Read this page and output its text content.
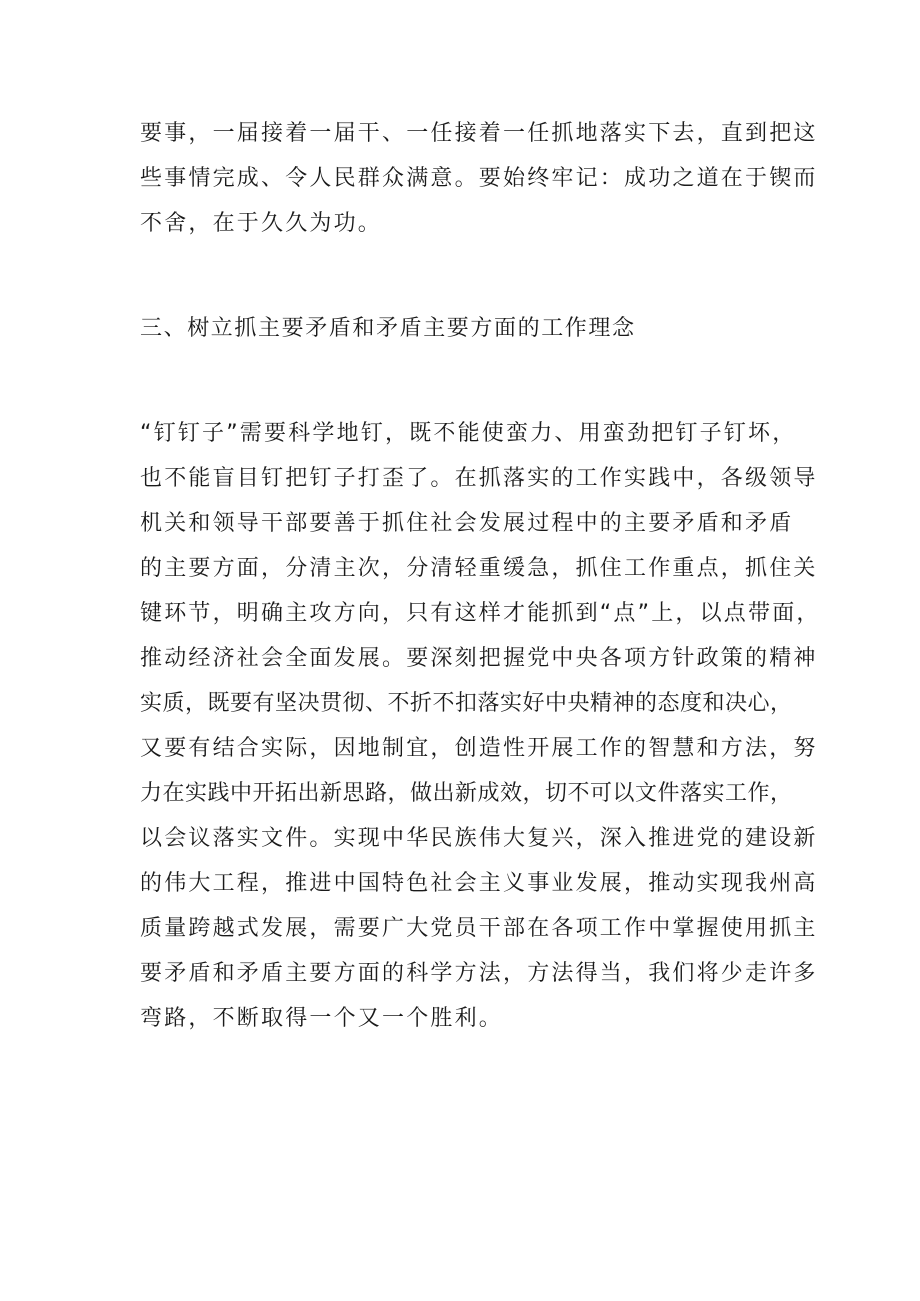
要事，一届接着一届干、一任接着一任抓地落实下去，直到把这

些事情完成、令人民群众满意。要始终牢记：成功之道在于锲而

不舍，在于久久为功。

三、树立抓主要矛盾和矛盾主要方面的工作理念

“钉钉子”需要科学地钉，既不能使蛮力、用蛮劲把钉子钉坏，

也不能盲目钉把钉子打歪了。在抓落实的工作实践中，各级领导

机关和领导干部要善于抓住社会发展过程中的主要矛盾和矛盾

的主要方面，分清主次，分清轻重缓急，抓住工作重点，抓住关

键环节，明确主攻方向，只有这样才能抓到“点”上，以点带面，

推动经济社会全面发展。要深刻把握党中央各项方针政策的精神

实质，既要有坚决贯彻、不折不扣落实好中央精神的态度和决心，

又要有结合实际，因地制宜，创造性开展工作的智慧和方法，努

力在实践中开拓出新思路，做出新成效，切不可以文件落实工作，

以会议落实文件。实现中华民族伟大复兴，深入推进党的建设新

的伟大工程，推进中国特色社会主义事业发展，推动实现我州高

质量跨越式发展，需要广大党员干部在各项工作中掌握使用抓主

要矛盾和矛盾主要方面的科学方法，方法得当，我们将少走许多

弯路，不断取得一个又一个胜利。
